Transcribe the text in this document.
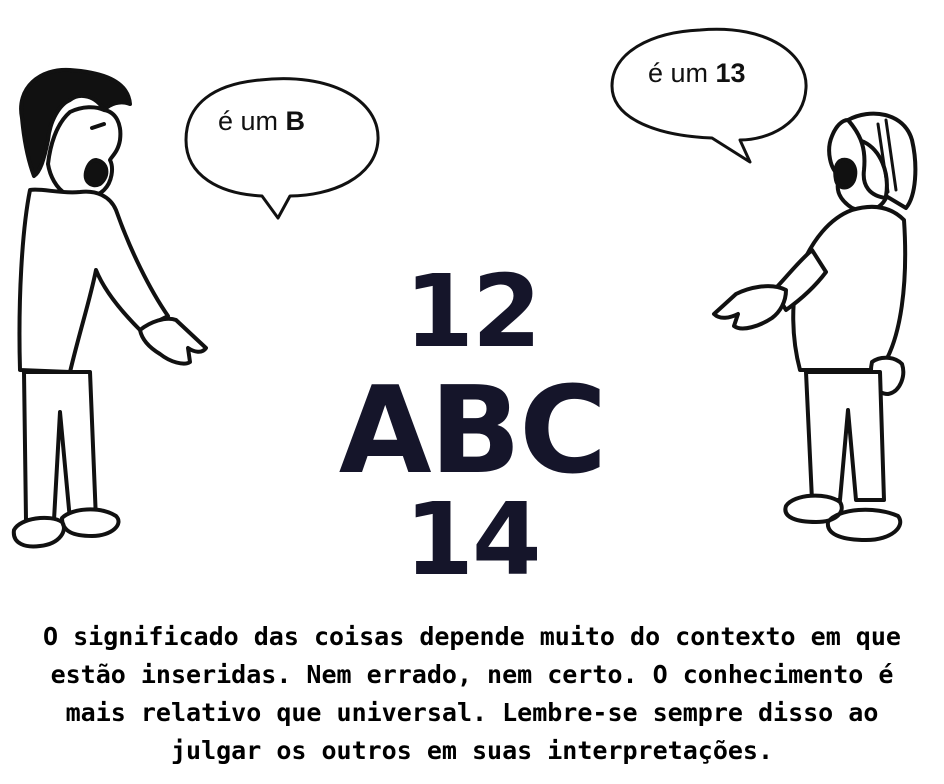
é um B
é um 13
12
ABC
14
O significado das coisas depende muito do contexto em que
estão inseridas. Nem errado, nem certo. O conhecimento é
mais relativo que universal. Lembre-se sempre disso ao
julgar os outros em suas interpretações.
